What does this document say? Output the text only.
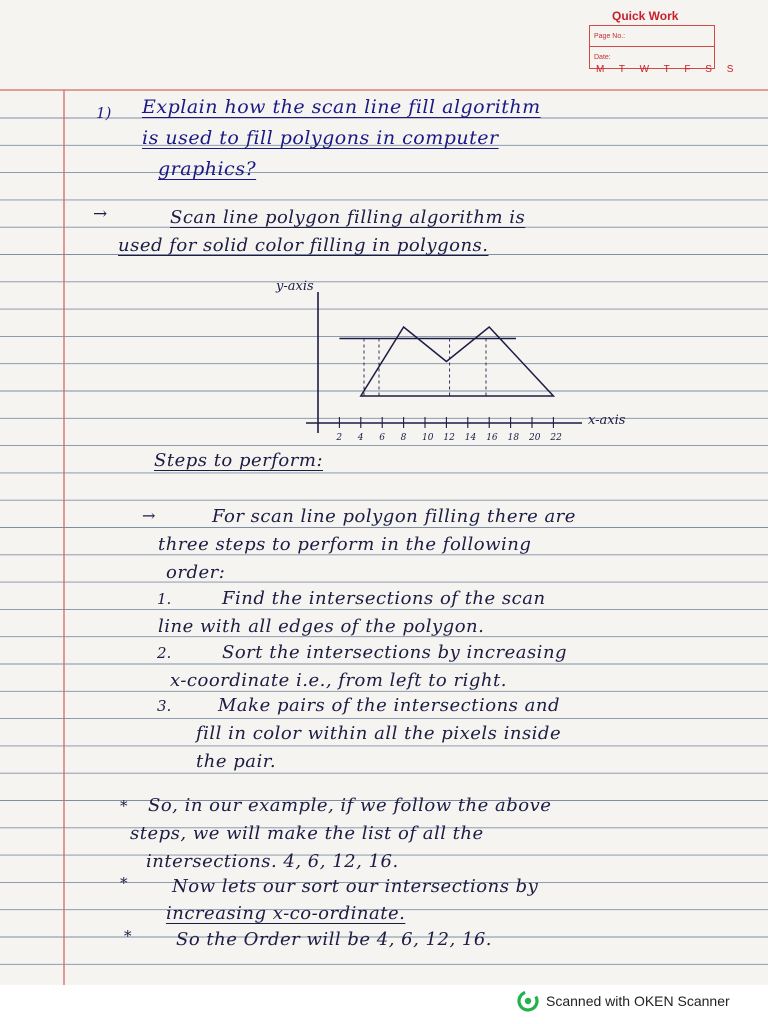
Quick Work
Page No.:
Date:
M T W T F S S
1) Explain how the scan line fill algorithm
is used to fill polygons in computer
graphics?
→	Scan line polygon filling algorithm is
used for solid color filling in polygons.
y-axis
x-axis
2 4 6 8 10 12 14 16 18 20 22
Steps to perform:
→	For scan line polygon filling there are
three steps to perform in the following
order:
1.	Find the intersections of the scan
line with all edges of the polygon.
2.	Sort the intersections by increasing
x-coordinate i.e., from left to right.
3.	Make pairs of the intersections and
fill in color within all the pixels inside
the pair.
* So, in our example, if we follow the above
steps, we will make the list of all the
intersections. 4, 6, 12, 16.
* Now lets our sort our intersections by
increasing x-co-ordinate.
* So the Order will be 4, 6, 12, 16.
Scanned with OKEN Scanner
